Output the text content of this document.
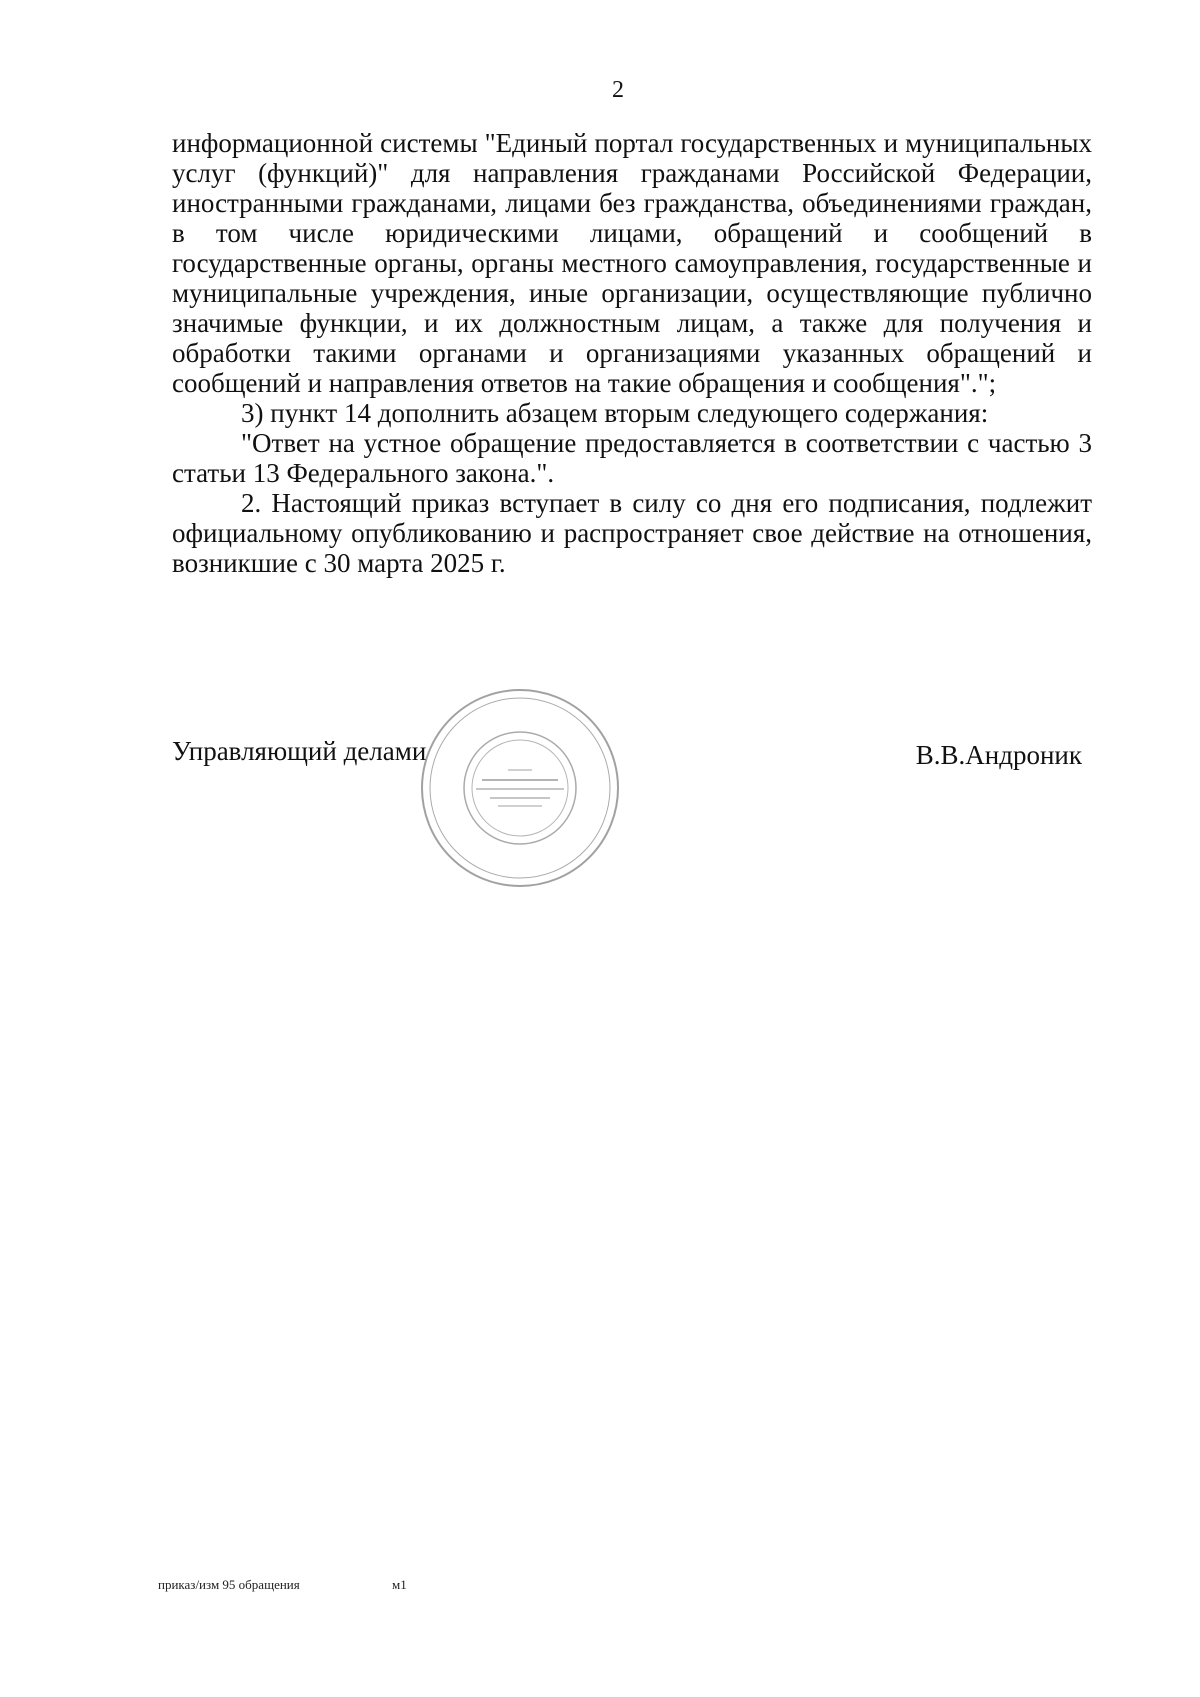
2

информационной системы "Единый портал государственных и муниципальных услуг (функций)" для направления гражданами Российской Федерации, иностранными гражданами, лицами без гражданства, объединениями граждан, в том числе юридическими лицами, обращений и сообщений в государственные органы, органы местного самоуправления, государственные и муниципальные учреждения, иные организации, осуществляющие публично значимые функции, и их должностным лицам, а также для получения и обработки такими органами и организациями указанных обращений и сообщений и направления ответов на такие обращения и сообщения".";

3) пункт 14 дополнить абзацем вторым следующего содержания:

"Ответ на устное обращение предоставляется в соответствии с частью 3 статьи 13 Федерального закона.".

2. Настоящий приказ вступает в силу со дня его подписания, подлежит официальному опубликованию и распространяет свое действие на отношения, возникшие с 30 марта 2025 г.

Управляющий делами	В.В.Андроник
приказ/изм 95 обращения	м1
